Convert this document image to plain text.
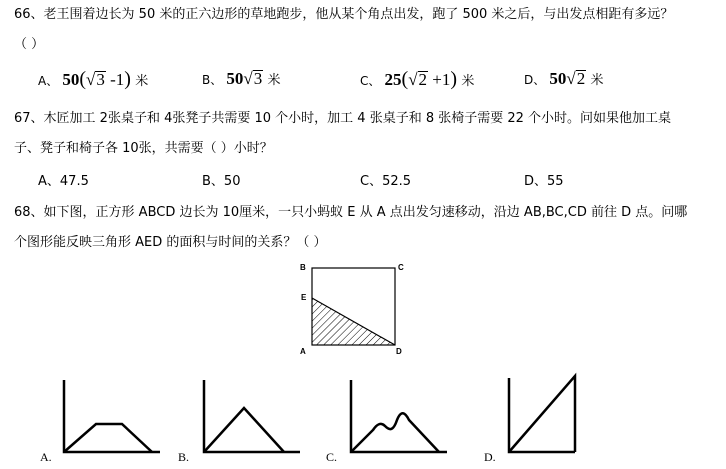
66、老王围着边长为 50 米的正六边形的草地跑步，他从某个角点出发，跑了 500 米之后，与出发点相距有多远？
（ ）
A、 50(√3 -1) 米	B、 50√3 米	C、 25(√2 +1) 米	D、 50√2 米
67、木匠加工 2张桌子和 4张凳子共需要 10 个小时，加工 4 张桌子和 8 张椅子需要 22 个小时。问如果他加工桌
子、凳子和椅子各 10张，共需要（ ）小时？
A、47.5	B、50	C、52.5	D、55
68、如下图，正方形 ABCD 边长为 10厘米，一只小蚂蚁 E 从 A 点出发匀速移动，沿边 AB,BC,CD 前往 D 点。问哪
个图形能反映三角形 AED 的面积与时间的关系？（ ）
B	C
E
A	D
A.	B.	C.	D.
